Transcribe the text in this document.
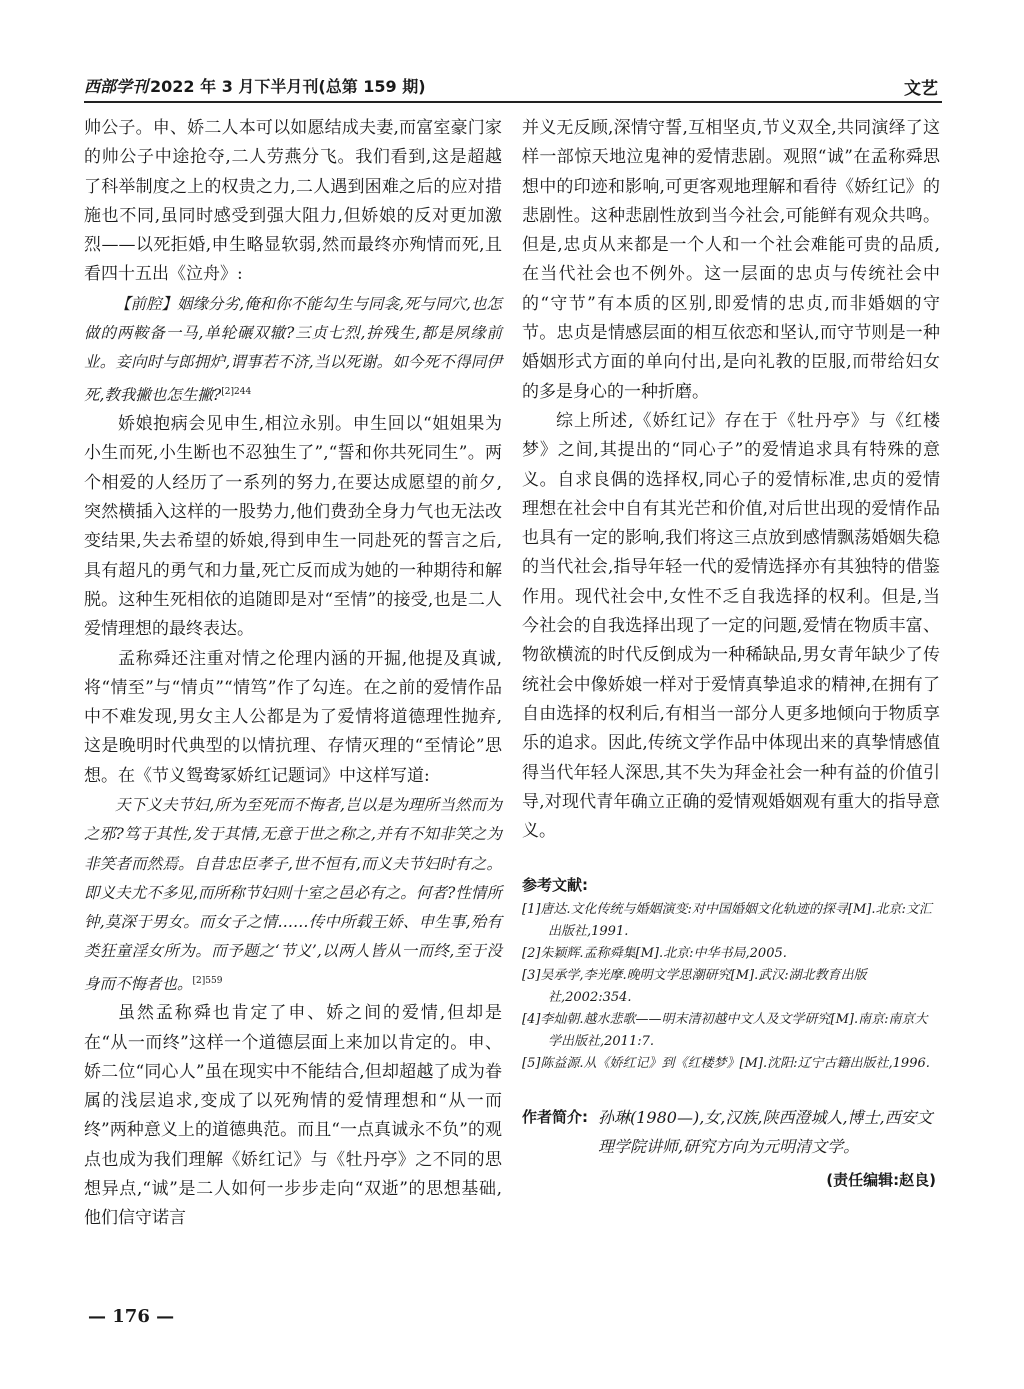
西部学刊 2022 年 3 月下半月刊(总第 159 期)	文艺

帅公子。申、娇二人本可以如愿结成夫妻,而富室豪门家的帅公子中途抢夺,二人劳燕分飞。我们看到,这是超越了科举制度之上的权贵之力,二人遇到困难之后的应对措施也不同,虽同时感受到强大阻力,但娇娘的反对更加激烈——以死拒婚,申生略显软弱,然而最终亦殉情而死,且看四十五出《泣舟》:

【前腔】姻缘分劣,俺和你不能勾生与同衾,死与同穴,也怎做的两鞍备一马,单轮碾双辙?三贞七烈,拚残生,都是夙缘前业。妾向时与郎拥炉,谓事若不济,当以死谢。如今死不得同伊死,教我撇也怎生撇?$^{[2]244}$

娇娘抱病会见申生,相泣永别。申生回以“姐姐果为小生而死,小生断也不忍独生了”,“誓和你共死同生”。两个相爱的人经历了一系列的努力,在要达成愿望的前夕,突然横插入这样的一股势力,他们费劲全身力气也无法改变结果,失去希望的娇娘,得到申生一同赴死的誓言之后,具有超凡的勇气和力量,死亡反而成为她的一种期待和解脱。这种生死相依的追随即是对“至情”的接受,也是二人爱情理想的最终表达。

孟称舜还注重对情之伦理内涵的开掘,他提及真诚,将“情至”与“情贞”“情笃”作了勾连。在之前的爱情作品中不难发现,男女主人公都是为了爱情将道德理性抛弃,这是晚明时代典型的以情抗理、存情灭理的“至情论”思想。在《节义鸳鸯冢娇红记题词》中这样写道:

天下义夫节妇,所为至死而不悔者,岂以是为理所当然而为之邪?笃于其性,发于其情,无意于世之称之,并有不知非笑之为非笑者而然焉。自昔忠臣孝子,世不恒有,而义夫节妇时有之。即义夫尤不多见,而所称节妇则十室之邑必有之。何者?性情所钟,莫深于男女。而女子之情……传中所载王娇、申生事,殆有类狂童淫女所为。而予题之‘节义’,以两人皆从一而终,至于没身而不悔者也。$^{[2]559}$

虽然孟称舜也肯定了申、娇之间的爱情,但却是在“从一而终”这样一个道德层面上来加以肯定的。申、娇二位“同心人”虽在现实中不能结合,但却超越了成为眷属的浅层追求,变成了以死殉情的爱情理想和“从一而终”两种意义上的道德典范。而且“一点真诚永不负”的观点也成为我们理解《娇红记》与《牡丹亭》之不同的思想异点,“诚”是二人如何一步步走向“双逝”的思想基础,他们信守诺言

并义无反顾,深情守誓,互相坚贞,节义双全,共同演绎了这样一部惊天地泣鬼神的爱情悲剧。观照“诚”在孟称舜思想中的印迹和影响,可更客观地理解和看待《娇红记》的悲剧性。这种悲剧性放到当今社会,可能鲜有观众共鸣。但是,忠贞从来都是一个人和一个社会难能可贵的品质,在当代社会也不例外。这一层面的忠贞与传统社会中的“守节”有本质的区别,即爱情的忠贞,而非婚姻的守节。忠贞是情感层面的相互依恋和坚认,而守节则是一种婚姻形式方面的单向付出,是向礼教的臣服,而带给妇女的多是身心的一种折磨。

综上所述,《娇红记》存在于《牡丹亭》与《红楼梦》之间,其提出的“同心子”的爱情追求具有特殊的意义。自求良偶的选择权,同心子的爱情标准,忠贞的爱情理想在社会中自有其光芒和价值,对后世出现的爱情作品也具有一定的影响,我们将这三点放到感情飘荡婚姻失稳的当代社会,指导年轻一代的爱情选择亦有其独特的借鉴作用。现代社会中,女性不乏自我选择的权利。但是,当今社会的自我选择出现了一定的问题,爱情在物质丰富、物欲横流的时代反倒成为一种稀缺品,男女青年缺少了传统社会中像娇娘一样对于爱情真挚追求的精神,在拥有了自由选择的权利后,有相当一部分人更多地倾向于物质享乐的追求。因此,传统文学作品中体现出来的真挚情感值得当代年轻人深思,其不失为拜金社会一种有益的价值引导,对现代青年确立正确的爱情观婚姻观有重大的指导意义。

参考文献:
[1]唐达.文化传统与婚姻演变:对中国婚姻文化轨迹的探寻[M].北京:文汇出版社,1991.
[2]朱颖辉.孟称舜集[M].北京:中华书局,2005.
[3]吴承学,李光摩.晚明文学思潮研究[M].武汉:湖北教育出版社,2002:354.
[4]李灿朝.越水悲歌——明末清初越中文人及文学研究[M].南京:南京大学出版社,2011:7.
[5]陈益源.从《娇红记》到《红楼梦》[M].沈阳:辽宁古籍出版社,1996.
作者简介: 孙琳(1980—),女,汉族,陕西澄城人,博士,西安文理学院讲师,研究方向为元明清文学。
(责任编辑:赵良)
— 176 —
